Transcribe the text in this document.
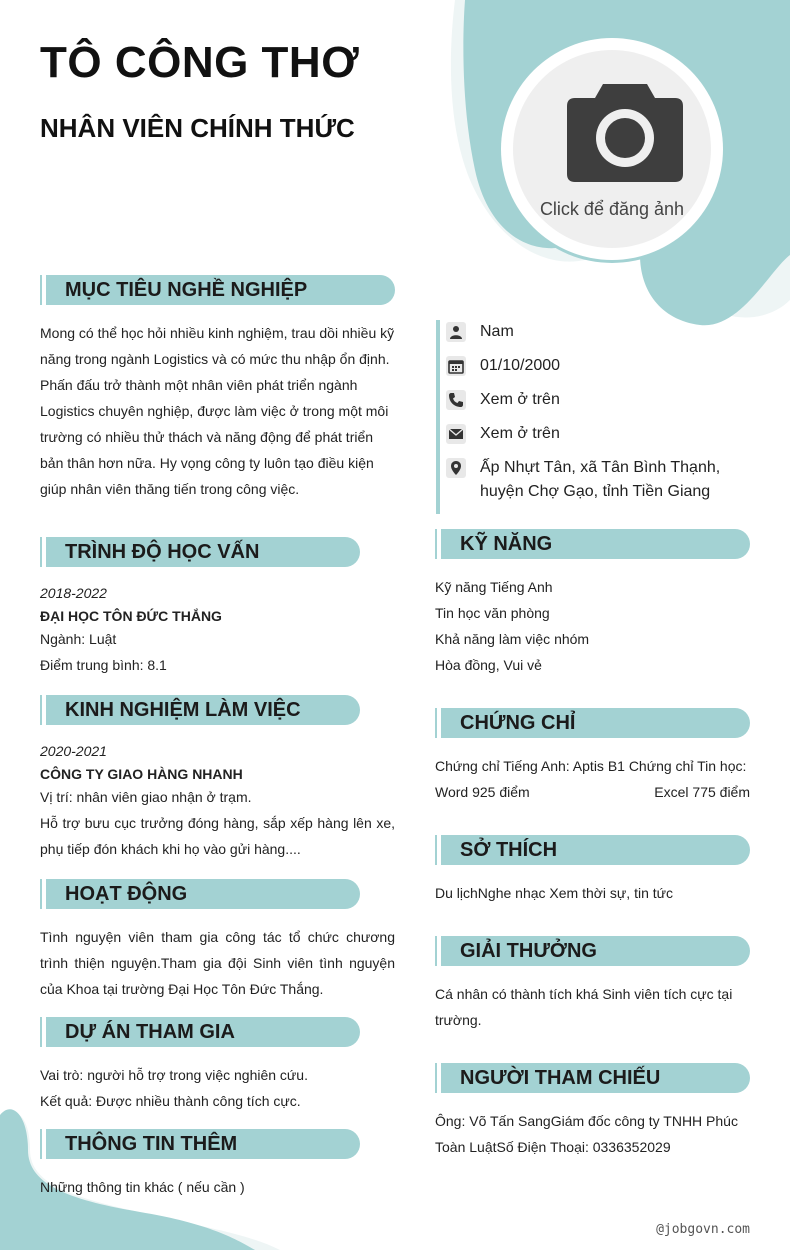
TÔ CÔNG THƠ
NHÂN VIÊN CHÍNH THỨC
Click để đăng ảnh
MỤC TIÊU NGHỀ NGHIỆP
Mong có thể học hỏi nhiều kinh nghiệm, trau dồi nhiều kỹ
năng trong ngành Logistics và có mức thu nhập ổn định.
Phấn đấu trở thành một nhân viên phát triển ngành
Logistics chuyên nghiệp, được làm việc ở trong một môi
trường có nhiều thử thách và năng động để phát triển
bản thân hơn nữa. Hy vọng công ty luôn tạo điều kiện
giúp nhân viên thăng tiến trong công việc.
TRÌNH ĐỘ HỌC VẤN
2018-2022
ĐẠI HỌC TÔN ĐỨC THẮNG
Ngành: Luật
Điểm trung bình: 8.1
KINH NGHIỆM LÀM VIỆC
2020-2021
CÔNG TY GIAO HÀNG NHANH
Vị trí: nhân viên giao nhận ở trạm.
Hỗ trợ bưu cục trưởng đóng hàng, sắp xếp hàng lên xe, phụ tiếp đón khách khi họ vào gửi hàng....
HOẠT ĐỘNG
Tình nguyện viên tham gia công tác tổ chức chương trình thiện nguyện.Tham gia đội Sinh viên tình nguyện của Khoa tại trường Đại Học Tôn Đức Thắng.
DỰ ÁN THAM GIA
Vai trò: người hỗ trợ trong việc nghiên cứu.
Kết quả: Được nhiều thành công tích cực.
THÔNG TIN THÊM
Những thông tin khác ( nếu cần )
Nam
01/10/2000
Xem ở trên
Xem ở trên
Ấp Nhựt Tân, xã Tân Bình Thạnh, huyện Chợ Gạo, tỉnh Tiền Giang
KỸ NĂNG
Kỹ năng Tiếng Anh
Tin học văn phòng
Khả năng làm việc nhóm
Hòa đồng, Vui vẻ
CHỨNG CHỈ
Chứng chỉ Tiếng Anh: Aptis B1 Chứng chỉ Tin học:
Word 925 điểm	Excel 775 điểm
SỞ THÍCH
Du lịchNghe nhạc Xem thời sự, tin tức
GIẢI THƯỞNG
Cá nhân có thành tích khá Sinh viên tích cực tại trường.
NGƯỜI THAM CHIẾU
Ông: Võ Tấn SangGiám đốc công ty TNHH Phúc Toàn LuậtSố Điện Thoại: 0336352029
@jobgovn.com
